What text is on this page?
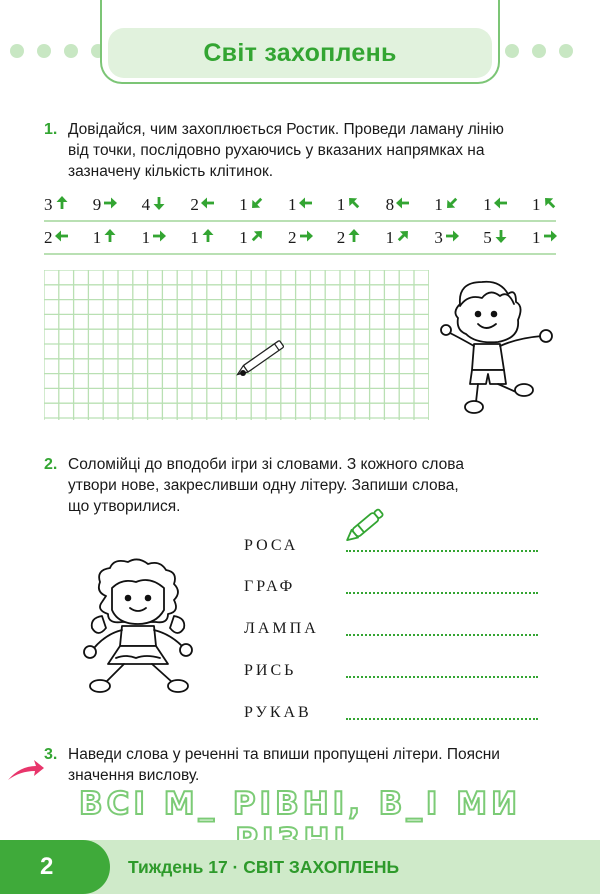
Світ захоплень
1. Довідайся, чим захоплюється Ростик. Проведи ламану лінію
від точки, послідовно рухаючись у вказаних напрямках на
зазначену кількість клітинок.
3 9 4 2 1 1 1 8 1 1 1
2 1 1 1 1 2 2 1 3 5 1
2. Соломійці до вподоби ігри зі словами. З кожного слова
утвори нове, закресливши одну літеру. Запиши слова,
що утворилися.
РОСА
ГРАФ
ЛАМПА
РИСЬ
РУКАВ
3. Наведи слова у реченні та впиши пропущені літери. Поясни
значення вислову.
ВСІ М_ РІВНІ, В_І МИ
2	Тиждень 17 · СВІТ ЗАХОПЛЕНЬ
